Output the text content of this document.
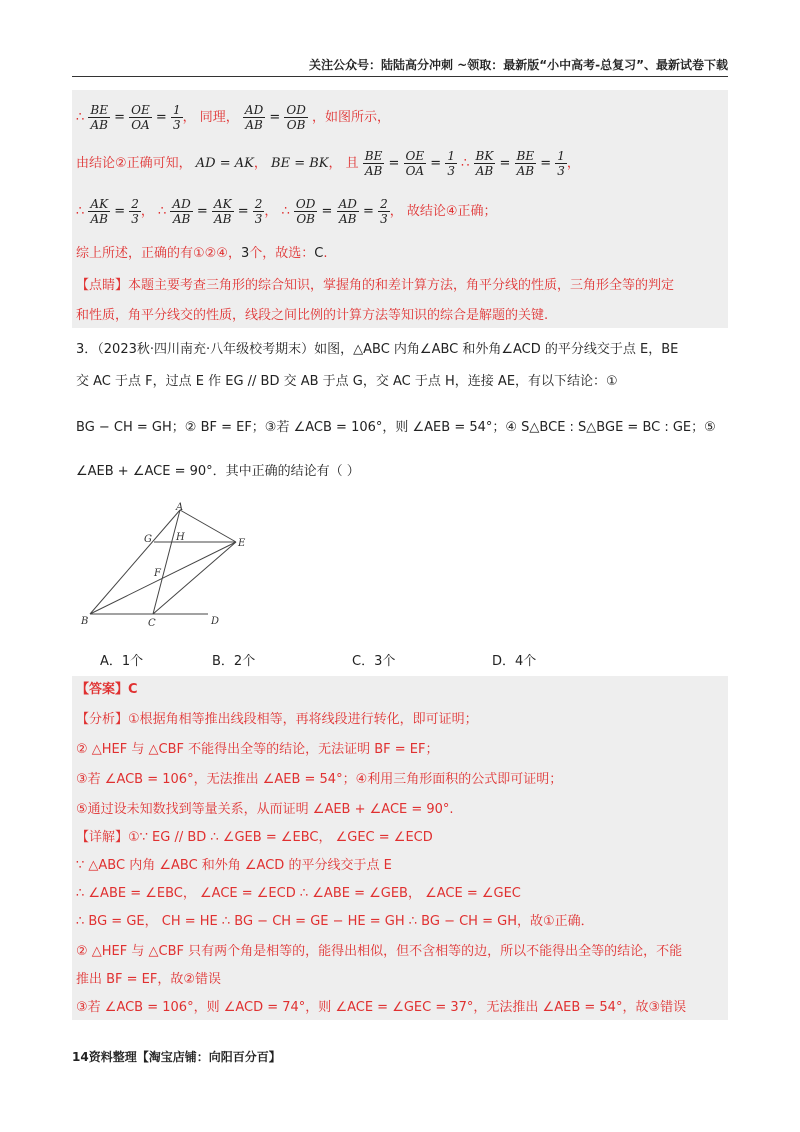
关注公众号：陆陆高分冲刺 ~领取：最新版“小中高考-总复习”、最新试卷下载
∴ $\frac{BE}{AB} = \frac{OE}{OA} = \frac{1}{3}$ ， 同理， $\frac{AD}{AB} = \frac{OD}{OB}$ ，如图所示，
由结论②正确可知， AD = AK， BE = BK， 且 $\frac{BE}{AB} = \frac{OE}{OA} = \frac{1}{3}$ ∴ $\frac{BK}{AB} = \frac{BE}{AB} = \frac{1}{3}$ ，
∴ $\frac{AK}{AB} = \frac{2}{3}$ ， ∴ $\frac{AD}{AB} = \frac{AK}{AB} = \frac{2}{3}$ ， ∴ $\frac{OD}{OB} = \frac{AD}{AB} = \frac{2}{3}$ ， 故结论④正确；
综上所述，正确的有①②④，3个，故选：C.
【点睛】本题主要考查三角形的综合知识，掌握角的和差计算方法，角平分线的性质，三角形全等的判定
和性质，角平分线交的性质，线段之间比例的计算方法等知识的综合是解题的关键.
3．（2023秋·四川南充·八年级校考期末）如图，△ABC 内角∠ABC 和外角∠ACD 的平分线交于点 E，BE
交 AC 于点 F，过点 E 作 EG // BD 交 AB 于点 G，交 AC 于点 H，连接 AE，有以下结论：①
BG − CH = GH；② BF = EF；③若 ∠ACB = 106°，则 ∠AEB = 54°；④ S△BCE : S△BGE = BC : GE；⑤
∠AEB + ∠ACE = 90°．其中正确的结论有（ ）
A
G H
E
F
B	C	D
A．1个	B．2个	C．3个	D．4个
【答案】C
【分析】①根据角相等推出线段相等，再将线段进行转化，即可证明；
② △HEF 与 △CBF 不能得出全等的结论，无法证明 BF = EF；
③若 ∠ACB = 106°，无法推出 ∠AEB = 54°；④利用三角形面积的公式即可证明；
⑤通过设未知数找到等量关系，从而证明 ∠AEB + ∠ACE = 90°.
【详解】①∵ EG // BD ∴ ∠GEB = ∠EBC， ∠GEC = ∠ECD
∵ △ABC 内角 ∠ABC 和外角 ∠ACD 的平分线交于点 E
∴ ∠ABE = ∠EBC， ∠ACE = ∠ECD ∴ ∠ABE = ∠GEB， ∠ACE = ∠GEC
∴ BG = GE， CH = HE ∴ BG − CH = GE − HE = GH ∴ BG − CH = GH，故①正确．
② △HEF 与 △CBF 只有两个角是相等的，能得出相似，但不含相等的边，所以不能得出全等的结论，不能
推出 BF = EF，故②错误
③若 ∠ACB = 106°，则 ∠ACD = 74°，则 ∠ACE = ∠GEC = 37°，无法推出 ∠AEB = 54°，故③错误
14资料整理【淘宝店铺：向阳百分百】
